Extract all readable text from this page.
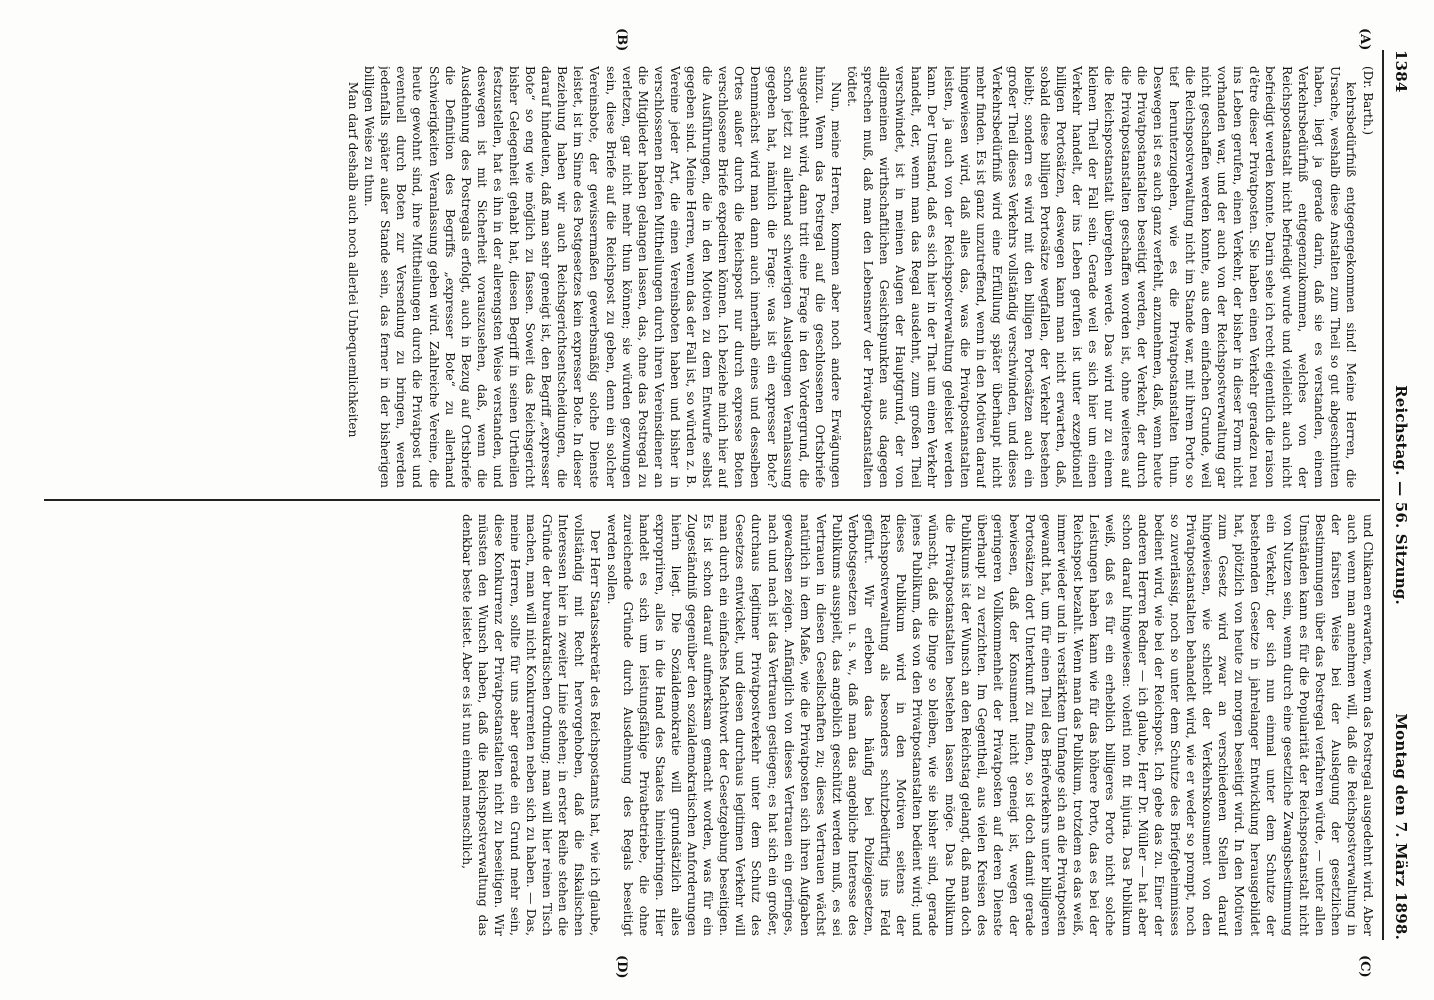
1384
Reichstag. — 56. Sitzung.
Montag den 7. März 1898.
(A)
(B)
(C)
(D)

(Dr. Barth.)

kehrsbedürfniß entgegengekommen sind! Meine Herren, die Ursache, weshalb diese Anstalten zum Theil so gut abgeschnitten haben, liegt ja gerade darin, daß sie es verstanden, einem Verkehrsbedürfniß entgegenzukommen, welches von der Reichspostanstalt nicht befriedigt wurde und vielleicht auch nicht befriedigt werden konnte. Darin sehe ich recht eigentlich die raison d'être dieser Privatposten. Sie haben einen Verkehr geradezu neu ins Leben gerufen, einen Verkehr, der bisher in dieser Form nicht vorhanden war, und der auch von der Reichspostverwaltung gar nicht geschaffen werden konnte, aus dem einfachen Grunde, weil die Reichspostverwaltung nicht im Stande war, mit ihrem Porto so tief herunterzugehen, wie es die Privatpostanstalten thun. Deswegen ist es auch ganz verfehlt, anzunehmen, daß, wenn heute die Privatpostanstalten beseitigt werden, der Verkehr, der durch die Privatpostanstalten geschaffen worden ist, ohne weiteres auf die Reichspostanstalt übergehen werde. Das wird nur zu einem kleinen Theil der Fall sein. Gerade weil es sich hier um einen Verkehr handelt, der ins Leben gerufen ist unter exzeptionell billigen Portosätzen, deswegen kann man nicht erwarten, daß, sobald diese billigen Portosätze wegfallen, der Verkehr bestehen bleibt; sondern es wird mit den billigen Portosätzen auch ein großer Theil dieses Verkehrs vollständig verschwinden, und dieses Verkehrsbedürfniß wird eine Erfüllung später überhaupt nicht mehr finden. Es ist ganz unzutreffend, wenn in den Motiven darauf hingewiesen wird, daß alles das, was die Privatpostanstalten leisten, ja auch von der Reichspostverwaltung geleistet werden kann. Der Umstand, daß es sich hier in der That um einen Verkehr handelt, der, wenn man das Regal ausdehnt, zum großen Theil verschwindet, ist in meinen Augen der Hauptgrund, der von allgemeinen wirthschaftlichen Gesichtspunkten aus dagegen sprechen muß, daß man den Lebensnerv der Privatpostanstalten tödtet.

Nun, meine Herren, kommen aber noch andere Erwägungen hinzu. Wenn das Postregal auf die geschlossenen Ortsbriefe ausgedehnt wird, dann tritt eine Frage in den Vordergrund, die schon jetzt zu allerhand schwierigen Auslegungen Veranlassung gegeben hat, nämlich die Frage: was ist ein expresser Bote? Denmnächst wird man dann auch innerhalb eines und desselben Ortes außer durch die Reichspost nur durch expresse Boten verschlossene Briefe expediren können. Ich beziehe mich hier auf die Ausführungen, die in den Motiven zu dem Entwurfe selbst gegeben sind. Meine Herren, wenn das der Fall ist, so würden z. B. Vereine jeder Art, die einen Vereinsboten haben und bisher in verschlossenen Briefen Mittheilungen durch ihren Vereinsdiener an die Mitglieder haben gelangen lassen, das, ohne das Postregal zu verletzen, gar nicht mehr thun können; sie würden gezwungen sein, diese Briefe auf die Reichspost zu geben, denn ein solcher Vereinsbote, der gewissermaßen gewerbsmäßig solche Dienste leistet, ist im Sinne des Postgesetzes kein expresser Bote. In dieser Beziehung haben wir auch Reichsgerichtsentscheidungen, die darauf hindeuten, daß man sehr geneigt ist, den Begriff „expresser Bote“ so eng wie möglich zu fassen. Soweit das Reichsgericht bisher Gelegenheit gehabt hat, diesen Begriff in seinen Urtheilen festzustellen, hat es ihn in der allerengsten Weise verstanden, und deswegen ist mit Sicherheit vorauszusehen, daß, wenn die Ausdehnung des Postregals erfolgt, auch in Bezug auf Ortsbriefe die Definition des Begriffs „expresser Bote“ zu allerhand Schwierigkeiten Veranlassung geben wird. Zahlreiche Vereine, die heute gewohnt sind, ihre Mittheilungen durch die Privatpost und eventuell durch Boten zur Versendung zu bringen, werden jedenfalls später außer Stande sein, das ferner in der bisherigen billigen Weise zu thun.

Man darf deshalb auch noch allerlei Unbequemlichkeiten

und Chikanen erwarten, wenn das Postregal ausgedehnt wird. Aber auch wenn man annehmen will, daß die Reichspostverwaltung in der fairsten Weise bei der Auslegung der gesetzlichen Bestimmungen über das Postregal verfahren würde, — unter allen Umständen kann es für die Popularität der Reichspostanstalt nicht von Nutzen sein, wenn durch eine gesetzliche Zwangsbestimmung ein Verkehr, der sich nun einmal unter dem Schutze der bestehenden Gesetze in jahrelanger Entwicklung herausgebildet hat, plötzlich von heute zu morgen beseitigt wird. In den Motiven zum Gesetz wird zwar an verschiedenen Stellen darauf hingewiesen, wie schlecht der Verkehrskonsument von den Privatpostanstalten behandelt wird, wie er weder so prompt, noch so zuverlässig, noch so unter dem Schutze des Briefgeheimnisses bedient wird, wie bei der Reichspost. Ich gebe das zu. Einer der anderen Herren Redner — ich glaube, Herr Dr. Müller — hat aber schon darauf hingewiesen: volenti non fit injuria. Das Publikum weiß, daß es für ein erheblich billigeres Porto nicht solche Leistungen haben kann wie für das höhere Porto, das es bei der Reichspost bezahlt. Wenn man das Publikum, trotzdem es das weiß, immer wieder und in verstärktem Umfange sich an die Privatposten gewandt hat, um für einen Theil des Briefverkehrs unter billigeren Portosätzen dort Unterkunft zu finden, so ist doch damit gerade bewiesen, daß der Konsument nicht geneigt ist, wegen der geringeren Vollkommenheit der Privatposten auf deren Dienste überhaupt zu verzichten. Im Gegentheil, aus vielen Kreisen des Publikums ist der Wunsch an den Reichstag gelangt, daß man doch die Privatpostanstalten bestehen lassen möge. Das Publikum wünscht, daß die Dinge so bleiben, wie sie bisher sind, gerade jenes Publikum, das von den Privatpostanstalten bedient wird; und dieses Publikum wird in den Motiven seitens der Reichspostverwaltung als besonders schutzbedürftig ins Feld geführt. Wir erleben das häufig bei Polizeigesetzen, Verbotsgesetzen u. s. w., daß man das angebliche Interesse des Publikums ausspielt, das angeblich geschützt werden muß, es sei Vertrauen in diesen Gesellschaften zu; dieses Vertrauen wächst natürlich in dem Maße, wie die Privatposten sich ihren Aufgaben gewachsen zeigen. Anfänglich von dieses Vertrauen ein geringes, nach und nach ist das Vertrauen gestiegen; es hat sich ein großer, durchaus legitimer Privatpostverkehr unter dem Schutz des Gesetzes entwickelt, und diesen durchaus legitimen Verkehr will man durch ein einfaches Machtwort der Gesetzgebung beseitigen. Es ist schon darauf aufmerksam gemacht worden, was für ein Zugeständniß gegenüber den sozialdemokratischen Anforderungen hierin liegt. Die Sozialdemokratie will grundsätzlich alles expropriiren, alles in die Hand des Staates hineinbringen. Hier handelt es sich um leistungsfähige Privatbetriebe, die ohne zureichende Gründe durch Ausdehnung des Regals beseitigt werden sollen.

Der Herr Staatssekretär des Reichspostamts hat, wie ich glaube, vollständig mit Recht hervorgehoben, daß die fiskalischen Interessen hier in zweiter Linie stehen; in erster Reihe stehen die Gründe der bureaukratischen Ordnung; man will hier reinen Tisch machen, man will nicht Konkurrenten neben sich zu haben. — Das, meine Herren, sollte für uns aber gerade ein Grund mehr sein, diese Konkurrenz der Privatpostanstalten nicht zu beseitigen. Wir müssten den Wunsch haben, daß die Reichspostverwaltung das denkbar beste leistet. Aber es ist nun einmal menschlich,
